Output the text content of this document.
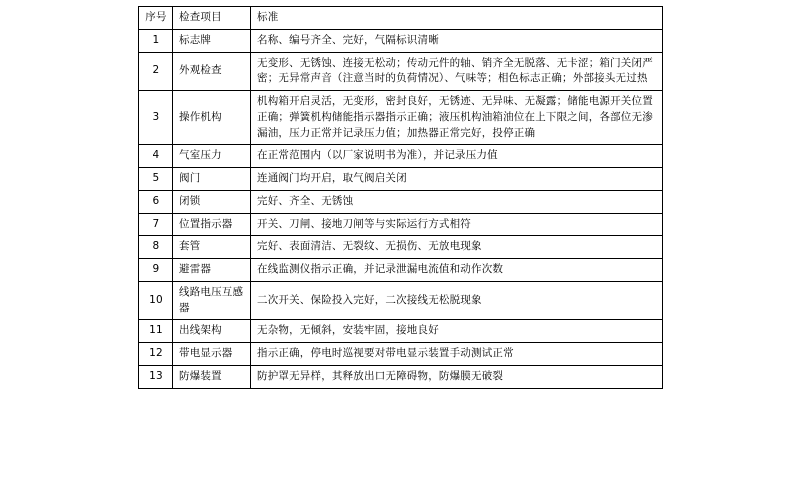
序号	检查项目	标准
1	标志牌	名称、编号齐全、完好，气隔标识清晰
2	外观检查	无变形、无锈蚀、连接无松动；传动元件的轴、销齐全无脱落、无卡涩；箱门关闭严密；无异常声音（注意当时的负荷情况）、气味等；相色标志正确；外部接头无过热
3	操作机构	机构箱开启灵活，无变形，密封良好，无锈迹、无异味、无凝露；储能电源开关位置正确；弹簧机构储能指示器指示正确；液压机构油箱油位在上下限之间，各部位无渗漏油，压力正常并记录压力值；加热器正常完好，投停正确
4	气室压力	在正常范围内（以厂家说明书为准），并记录压力值
5	阀门	连通阀门均开启，取气阀启关闭
6	闭锁	完好、齐全、无锈蚀
7	位置指示器	开关、刀闸、接地刀闸等与实际运行方式相符
8	套管	完好、表面清洁、无裂纹、无损伤、无放电现象
9	避雷器	在线监测仪指示正确，并记录泄漏电流值和动作次数
10	线路电压互感器	二次开关、保险投入完好，二次接线无松脱现象
11	出线架构	无杂物，无倾斜，安装牢固，接地良好
12	带电显示器	指示正确，停电时巡视要对带电显示装置手动测试正常
13	防爆装置	防护罩无异样，其释放出口无障碍物，防爆膜无破裂
